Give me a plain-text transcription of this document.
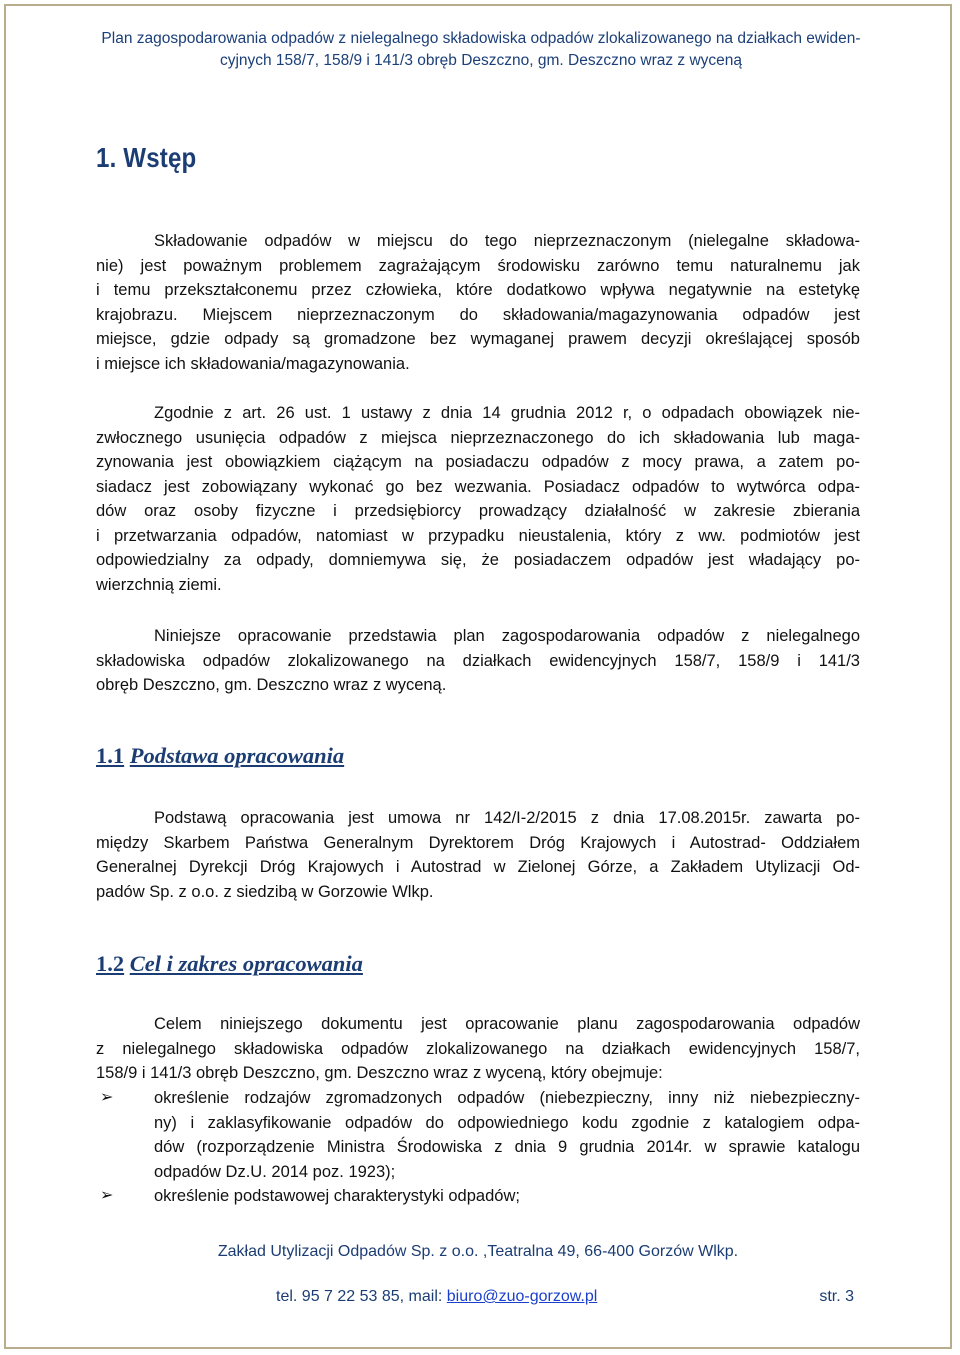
Plan zagospodarowania odpadów z nielegalnego składowiska odpadów zlokalizowanego na działkach ewiden-
cyjnych 158/7, 158/9 i 141/3 obręb Deszczno, gm. Deszczno wraz z wyceną
1. Wstęp
Składowanie odpadów w miejscu do tego nieprzeznaczonym (nielegalne składowa-
nie) jest poważnym problemem zagrażającym środowisku zarówno temu naturalnemu jak
i temu przekształconemu przez człowieka, które dodatkowo wpływa negatywnie na estetykę
krajobrazu. Miejscem nieprzeznaczonym do składowania/magazynowania odpadów jest
miejsce, gdzie odpady są gromadzone bez wymaganej prawem decyzji określającej sposób
i miejsce ich składowania/magazynowania.
Zgodnie z art. 26 ust. 1 ustawy z dnia 14 grudnia 2012 r, o odpadach obowiązek nie-
zwłocznego usunięcia odpadów z miejsca nieprzeznaczonego do ich składowania lub maga-
zynowania jest obowiązkiem ciążącym na posiadaczu odpadów z mocy prawa, a zatem po-
siadacz jest zobowiązany wykonać go bez wezwania. Posiadacz odpadów to wytwórca odpa-
dów oraz osoby fizyczne i przedsiębiorcy prowadzący działalność w zakresie zbierania
i przetwarzania odpadów, natomiast w przypadku nieustalenia, który z ww. podmiotów jest
odpowiedzialny za odpady, domniemywa się, że posiadaczem odpadów jest władający po-
wierzchnią ziemi.
Niniejsze opracowanie przedstawia plan zagospodarowania odpadów z nielegalnego
składowiska odpadów zlokalizowanego na działkach ewidencyjnych 158/7, 158/9 i 141/3
obręb Deszczno, gm. Deszczno wraz z wyceną.
1.1 Podstawa opracowania
Podstawą opracowania jest umowa nr 142/I-2/2015 z dnia 17.08.2015r. zawarta po-
między Skarbem Państwa Generalnym Dyrektorem Dróg Krajowych i Autostrad- Oddziałem
Generalnej Dyrekcji Dróg Krajowych i Autostrad w Zielonej Górze, a Zakładem Utylizacji Od-
padów Sp. z o.o. z siedzibą w Gorzowie Wlkp.
1.2 Cel i zakres opracowania
Celem niniejszego dokumentu jest opracowanie planu zagospodarowania odpadów
z nielegalnego składowiska odpadów zlokalizowanego na działkach ewidencyjnych 158/7,
158/9 i 141/3 obręb Deszczno, gm. Deszczno wraz z wyceną, który obejmuje:
➢ określenie rodzajów zgromadzonych odpadów (niebezpieczny, inny niż niebezpieczny-
ny) i zaklasyfikowanie odpadów do odpowiedniego kodu zgodnie z katalogiem odpa-
dów (rozporządzenie Ministra Środowiska z dnia 9 grudnia 2014r. w sprawie katalogu
odpadów Dz.U. 2014 poz. 1923);
➢ określenie podstawowej charakterystyki odpadów;
Zakład Utylizacji Odpadów Sp. z o.o. ,Teatralna 49, 66-400 Gorzów Wlkp.
tel. 95 7 22 53 85, mail: biuro@zuo-gorzow.pl	str. 3
